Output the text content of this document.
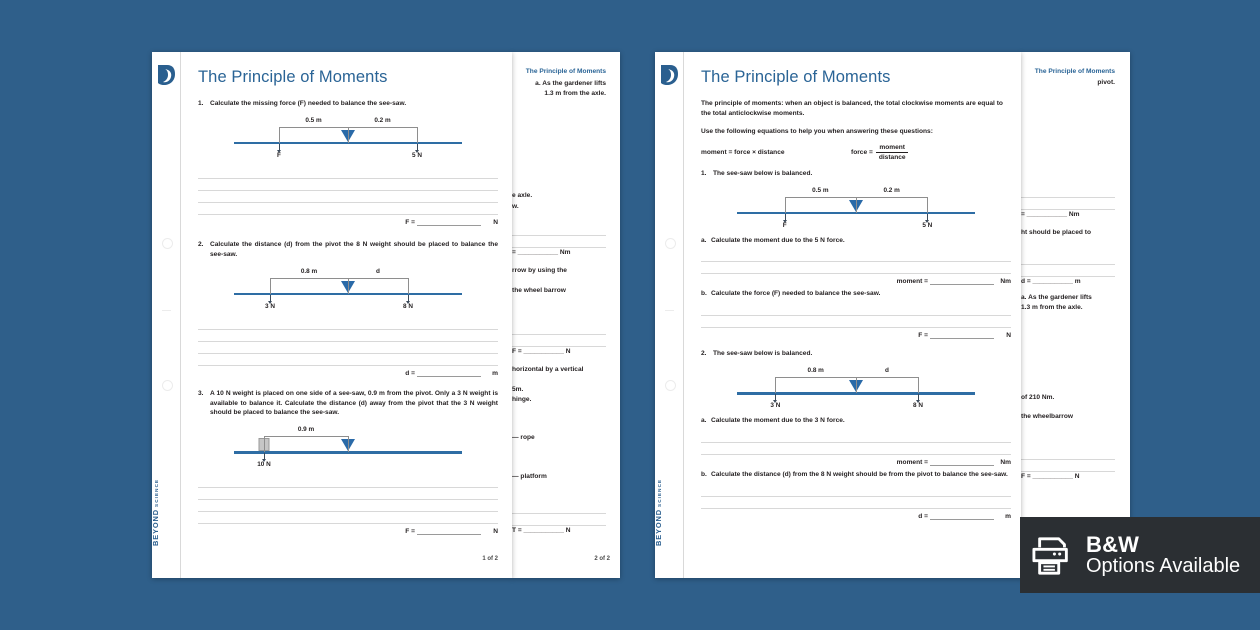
The Principle of Moments
a. As the gardener lifts
1.3 m from the axle.
e axle.
w.
= ___________ Nm
rrow by using the
the wheel barrow
F = ___________ N
horizontal by a vertical
5m.
hinge.
— rope
— platform
T = ___________ N
2 of 2
BEYONDSCIENCE
The Principle of Moments
1. Calculate the missing force (F) needed to balance the see-saw.
0.5 m	0.2 m
F	5 N
F =	N
2. Calculate the distance (d) from the pivot the 8 N weight should be placed to balance the see-saw.
0.8 m	d
3 N	8 N
d =	m
3. A 10 N weight is placed on one side of a see-saw, 0.9 m from the pivot. Only a 3 N weight is available to balance it. Calculate the distance (d) away from the pivot that the 3 N weight should be placed to balance the see-saw.
0.9 m
10 N
F =	N
1 of 2
The Principle of Moments
pivot.
= ___________ Nm
ht should be placed to
d = ___________ m
a. As the gardener lifts
1.3 m from the axle.
of 210 Nm.
the wheelbarrow
F = ___________ N
BEYONDSCIENCE
The Principle of Moments
The principle of moments: when an object is balanced, the total clockwise moments are equal to the total anticlockwise moments.
Use the following equations to help you when answering these questions:
moment = force × distance	force = $\frac{\text{moment}}{\text{distance}}$
1. The see-saw below is balanced.
0.5 m	0.2 m
F	5 N
a. Calculate the moment due to the 5 N force.
moment =	Nm
b. Calculate the force (F) needed to balance the see-saw.
F =	N
2. The see-saw below is balanced.
0.8 m	d
3 N	8 N
a. Calculate the moment due to the 3 N force.
moment =	Nm
b. Calculate the distance (d) from the 8 N weight should be from the pivot to balance the see-saw.
d =	m
B&W
Options Available
